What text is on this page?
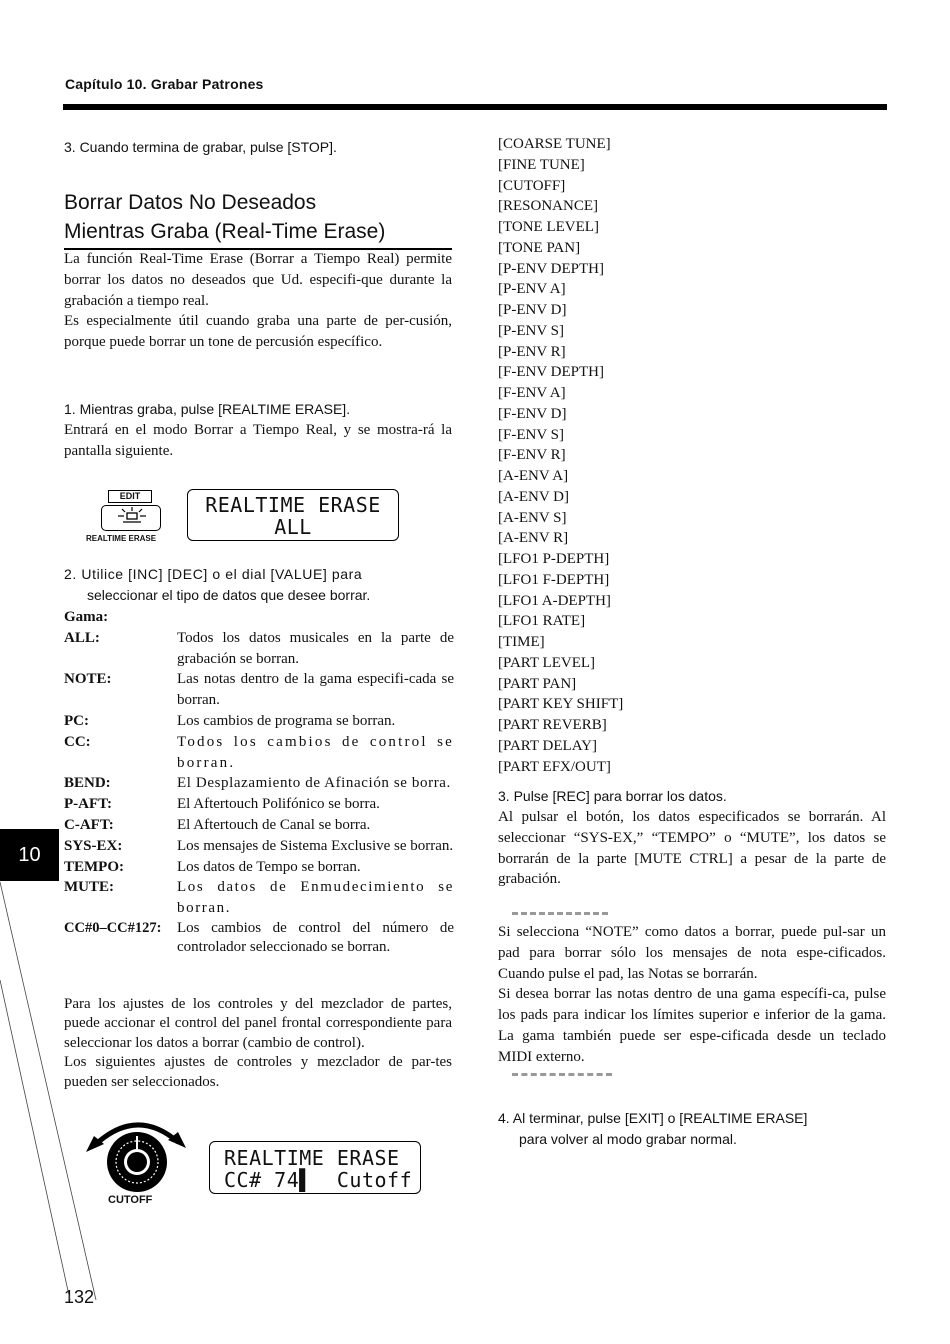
Capítulo 10. Grabar Patrones
3. Cuando termina de grabar, pulse [STOP].
Borrar Datos No Deseados
Mientras Graba (Real-Time Erase)
La función Real-Time Erase (Borrar a Tiempo Real) permite borrar los datos no deseados que Ud. especifi-que durante la grabación a tiempo real.
Es especialmente útil cuando graba una parte de per-cusión, porque puede borrar un tone de percusión específico.
1. Mientras graba, pulse [REALTIME ERASE].
Entrará en el modo Borrar a Tiempo Real, y se mostra-rá la pantalla siguiente.
EDIT
REALTIME ERASE
REALTIME ERASE
ALL
2. Utilice [INC] [DEC] o el dial [VALUE] para
seleccionar el tipo de datos que desee borrar.
Gama:
ALL:	Todos los datos musicales en la parte de grabación se borran.
NOTE:	Las notas dentro de la gama especifi-cada se borran.
PC:	Los cambios de programa se borran.
CC:	Todos los cambios de control se borran.
BEND:	El Desplazamiento de Afinación se borra.
P-AFT:	El Aftertouch Polifónico se borra.
C-AFT:	El Aftertouch de Canal se borra.
SYS-EX:	Los mensajes de Sistema Exclusive se borran.
TEMPO:	Los datos de Tempo se borran.
MUTE:	Los datos de Enmudecimiento se borran.
CC#0–CC#127:	Los cambios de control del número de controlador seleccionado se borran.
Para los ajustes de los controles y del mezclador de partes, puede accionar el control del panel frontal correspondiente para seleccionar los datos a borrar (cambio de control).
Los siguientes ajustes de controles y mezclador de par-tes pueden ser seleccionados.
CUTOFF
REALTIME ERASE
CC# 74▌  Cutoff
[COARSE TUNE]
[FINE TUNE]
[CUTOFF]
[RESONANCE]
[TONE LEVEL]
[TONE PAN]
[P-ENV DEPTH]
[P-ENV A]
[P-ENV D]
[P-ENV S]
[P-ENV R]
[F-ENV DEPTH]
[F-ENV A]
[F-ENV D]
[F-ENV S]
[F-ENV R]
[A-ENV A]
[A-ENV D]
[A-ENV S]
[A-ENV R]
[LFO1 P-DEPTH]
[LFO1 F-DEPTH]
[LFO1 A-DEPTH]
[LFO1 RATE]
[TIME]
[PART LEVEL]
[PART PAN]
[PART KEY SHIFT]
[PART REVERB]
[PART DELAY]
[PART EFX/OUT]
3. Pulse [REC] para borrar los datos.
Al pulsar el botón, los datos especificados se borrarán. Al seleccionar “SYS-EX,” “TEMPO” o “MUTE”, los datos se borrarán de la parte [MUTE CTRL] a pesar de la parte de grabación.
Si selecciona “NOTE” como datos a borrar, puede pul-sar un pad para borrar sólo los mensajes de nota espe-cificados. Cuando pulse el pad, las Notas se borrarán.
Si desea borrar las notas dentro de una gama específi-ca, pulse los pads para indicar los límites superior e inferior de la gama. La gama también puede ser espe-cificada desde un teclado MIDI externo.
4. Al terminar, pulse [EXIT] o [REALTIME ERASE]
para volver al modo grabar normal.
10
132
